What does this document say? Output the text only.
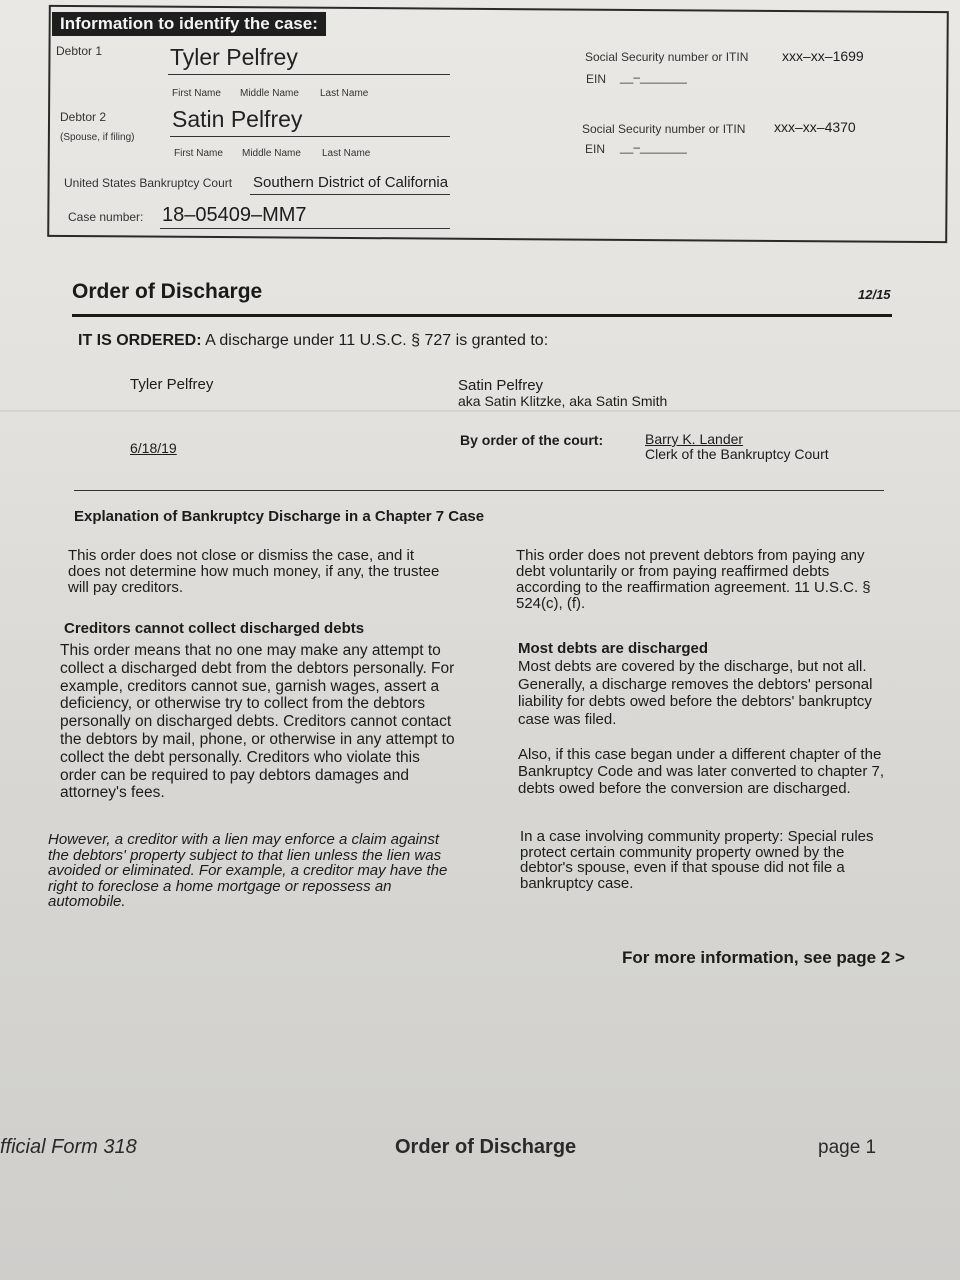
Information to identify the case:
Debtor 1	Tyler Pelfrey
First Name Middle Name Last Name
Debtor 2
(Spouse, if filing)
Satin Pelfrey
First Name Middle Name Last Name
Social Security number or ITIN xxx–xx–1699
EIN __–_______
Social Security number or ITIN xxx–xx–4370
EIN __–_______
United States Bankruptcy Court Southern District of California
Case number: 18–05409–MM7
Order of Discharge	12/15
IT IS ORDERED: A discharge under 11 U.S.C. § 727 is granted to:
Tyler Pelfrey	Satin Pelfrey
aka Satin Klitzke, aka Satin Smith
6/18/19	By order of the court:	Barry K. Lander
Clerk of the Bankruptcy Court
Explanation of Bankruptcy Discharge in a Chapter 7 Case
This order does not close or dismiss the case, and it does not determine how much money, if any, the trustee will pay creditors.
Creditors cannot collect discharged debts
This order means that no one may make any attempt to collect a discharged debt from the debtors personally. For example, creditors cannot sue, garnish wages, assert a deficiency, or otherwise try to collect from the debtors personally on discharged debts. Creditors cannot contact the debtors by mail, phone, or otherwise in any attempt to collect the debt personally. Creditors who violate this order can be required to pay debtors damages and attorney's fees.
However, a creditor with a lien may enforce a claim against the debtors' property subject to that lien unless the lien was avoided or eliminated. For example, a creditor may have the right to foreclose a home mortgage or repossess an automobile.
This order does not prevent debtors from paying any debt voluntarily or from paying reaffirmed debts according to the reaffirmation agreement. 11 U.S.C. § 524(c), (f).
Most debts are discharged
Most debts are covered by the discharge, but not all. Generally, a discharge removes the debtors' personal liability for debts owed before the debtors' bankruptcy case was filed.
Also, if this case began under a different chapter of the Bankruptcy Code and was later converted to chapter 7, debts owed before the conversion are discharged.
In a case involving community property: Special rules protect certain community property owned by the debtor's spouse, even if that spouse did not file a bankruptcy case.
For more information, see page 2 >
fficial Form 318	Order of Discharge	page 1
